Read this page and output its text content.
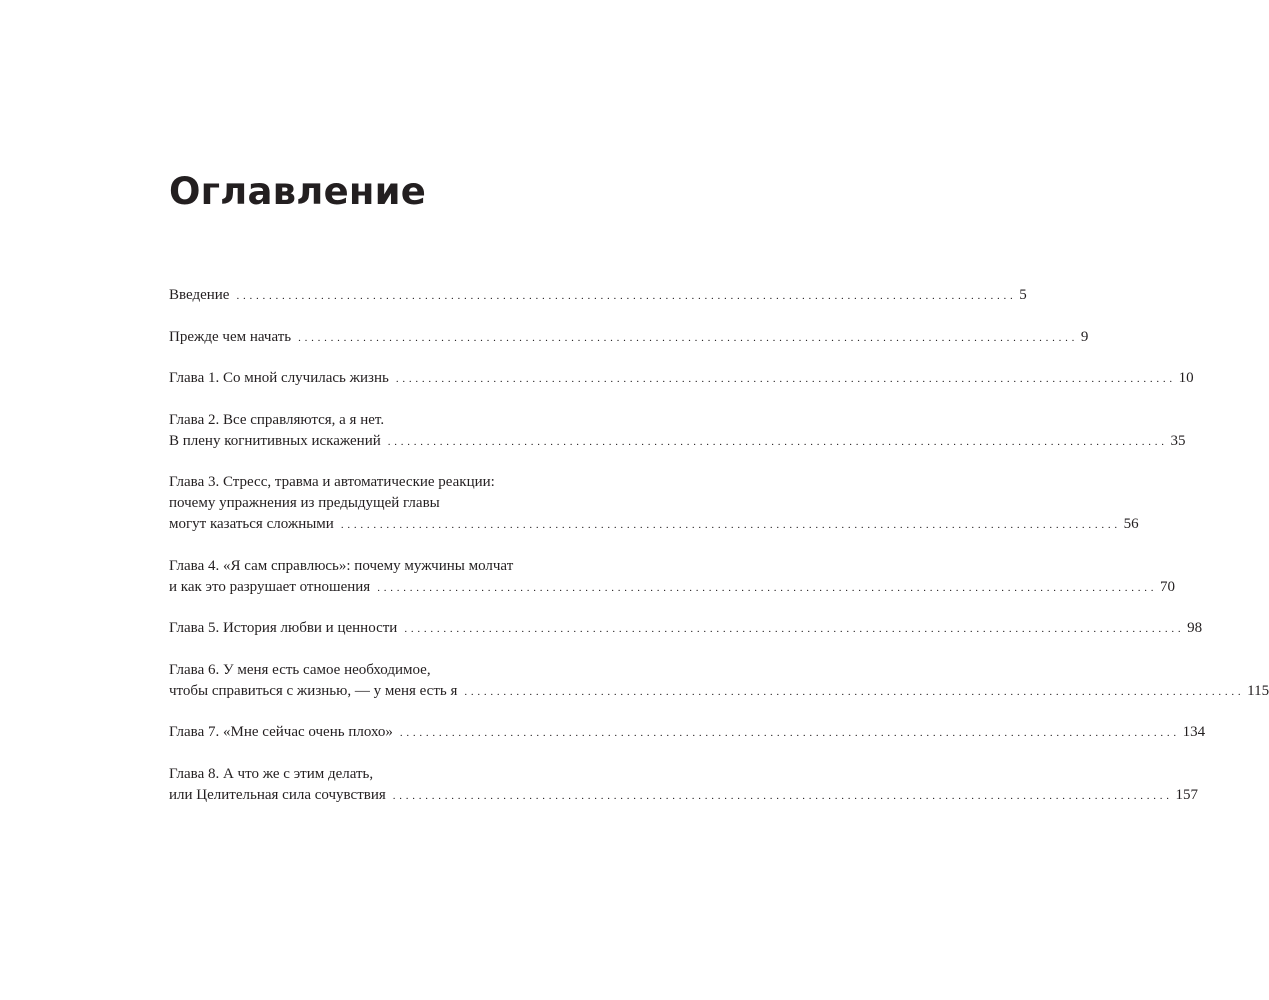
Оглавление
Введение . . . . . . . . . . . . . . . . . . . . . . . . . . . . . . . . . . . . . . . . . . . . . . . . . . . . . . . . . . . . . . . . . . . . . . . . . . . . . . . . . . . . . . . . . . . . . . . . . . . . . . . . . . . . . . . . . . . . . . . . 5
Прежде чем начать . . . . . . . . . . . . . . . . . . . . . . . . . . . . . . . . . . . . . . . . . . . . . . . . . . . . . . . . . . . . . . . . . . . . . . . . . . . . . . . . . . . . . . . . . . . . . . . . . . . . . . . . . . . . . . . . . . . . . . . . 9
Глава 1. Со мной случилась жизнь . . . . . . . . . . . . . . . . . . . . . . . . . . . . . . . . . . . . . . . . . . . . . . . . . . . . . . . . . . . . . . . . . . . . . . . . . . . . . . . . . . . . . . . . . . . . . . . . . . . . . . . . . . . . . . . . . . . . . . . . 10
Глава 2. Все справляются, а я нет.
В плену когнитивных искажений . . . . . . . . . . . . . . . . . . . . . . . . . . . . . . . . . . . . . . . . . . . . . . . . . . . . . . . . . . . . . . . . . . . . . . . . . . . . . . . . . . . . . . . . . . . . . . . . . . . . . . . . . . . . . . . . . . . . . . . . 35
Глава 3. Стресс, травма и автоматические реакции:
почему упражнения из предыдущей главы
могут казаться сложными . . . . . . . . . . . . . . . . . . . . . . . . . . . . . . . . . . . . . . . . . . . . . . . . . . . . . . . . . . . . . . . . . . . . . . . . . . . . . . . . . . . . . . . . . . . . . . . . . . . . . . . . . . . . . . . . . . . . . . . . 56
Глава 4. «Я сам справлюсь»: почему мужчины молчат
и как это разрушает отношения . . . . . . . . . . . . . . . . . . . . . . . . . . . . . . . . . . . . . . . . . . . . . . . . . . . . . . . . . . . . . . . . . . . . . . . . . . . . . . . . . . . . . . . . . . . . . . . . . . . . . . . . . . . . . . . . . . . . . . . . 70
Глава 5. История любви и ценности . . . . . . . . . . . . . . . . . . . . . . . . . . . . . . . . . . . . . . . . . . . . . . . . . . . . . . . . . . . . . . . . . . . . . . . . . . . . . . . . . . . . . . . . . . . . . . . . . . . . . . . . . . . . . . . . . . . . . . . . 98
Глава 6. У меня есть самое необходимое,
чтобы справиться с жизнью, — у меня есть я . . . . . . . . . . . . . . . . . . . . . . . . . . . . . . . . . . . . . . . . . . . . . . . . . . . . . . . . . . . . . . . . . . . . . . . . . . . . . . . . . . . . . . . . . . . . . . . . . . . . . . . . . . . . . . . . . . . . . . . . 115
Глава 7. «Мне сейчас очень плохо» . . . . . . . . . . . . . . . . . . . . . . . . . . . . . . . . . . . . . . . . . . . . . . . . . . . . . . . . . . . . . . . . . . . . . . . . . . . . . . . . . . . . . . . . . . . . . . . . . . . . . . . . . . . . . . . . . . . . . . . . 134
Глава 8. А что же с этим делать,
или Целительная сила сочувствия . . . . . . . . . . . . . . . . . . . . . . . . . . . . . . . . . . . . . . . . . . . . . . . . . . . . . . . . . . . . . . . . . . . . . . . . . . . . . . . . . . . . . . . . . . . . . . . . . . . . . . . . . . . . . . . . . . . . . . . . 157
